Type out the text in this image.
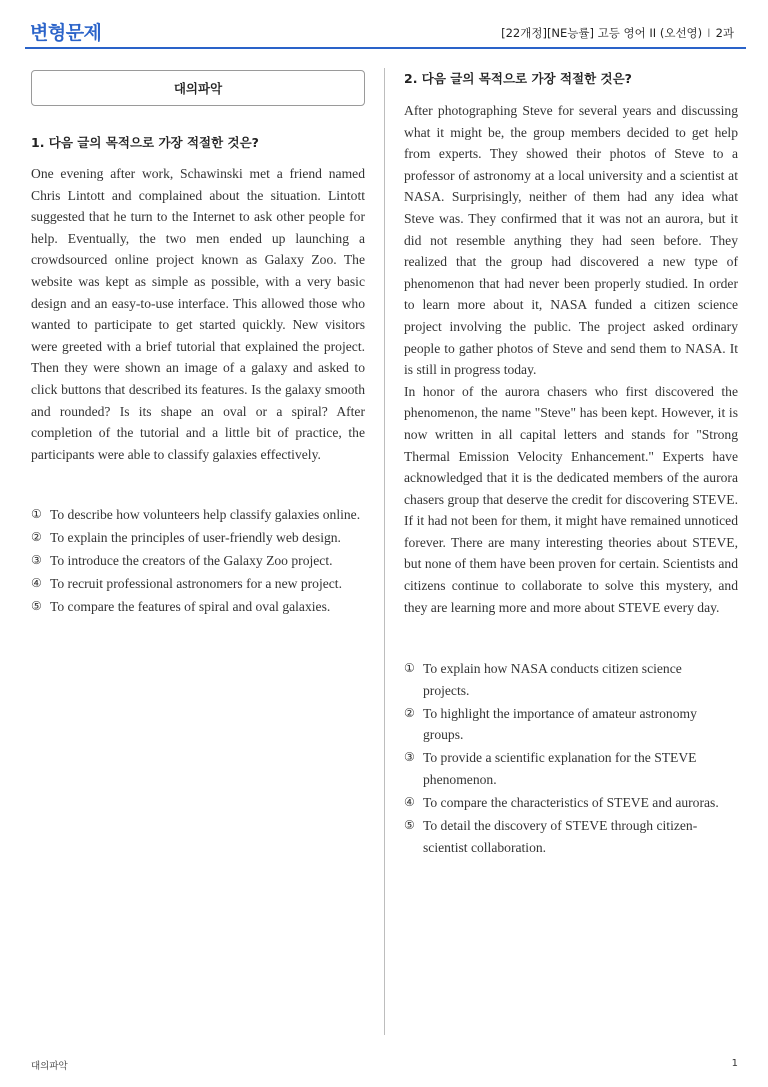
변형문제	[22개정][NE능률] 고등 영어 II (오선영) I 2과
대의파악
1. 다음 글의 목적으로 가장 적절한 것은?

One evening after work, Schawinski met a friend named Chris Lintott and complained about the situation. Lintott suggested that he turn to the Internet to ask other people for help. Eventually, the two men ended up launching a crowdsourced online project known as Galaxy Zoo. The website was kept as simple as possible, with a very basic design and an easy-to-use interface. This allowed those who wanted to participate to get started quickly. New visitors were greeted with a brief tutorial that explained the project. Then they were shown an image of a galaxy and asked to click buttons that described its features. Is the galaxy smooth and rounded? Is its shape an oval or a spiral? After completion of the tutorial and a little bit of practice, the participants were able to classify galaxies effectively.

① To describe how volunteers help classify galaxies online.
② To explain the principles of user-friendly web design.
③ To introduce the creators of the Galaxy Zoo project.
④ To recruit professional astronomers for a new project.
⑤ To compare the features of spiral and oval galaxies.
2. 다음 글의 목적으로 가장 적절한 것은?

After photographing Steve for several years and discussing what it might be, the group members decided to get help from experts. They showed their photos of Steve to a professor of astronomy at a local university and a scientist at NASA. Surprisingly, neither of them had any idea what Steve was. They confirmed that it was not an aurora, but it did not resemble anything they had seen before. They realized that the group had discovered a new type of phenomenon that had never been properly studied. In order to learn more about it, NASA funded a citizen science project involving the public. The project asked ordinary people to gather photos of Steve and send them to NASA. It is still in progress today.

In honor of the aurora chasers who first discovered the phenomenon, the name "Steve" has been kept. However, it is now written in all capital letters and stands for "Strong Thermal Emission Velocity Enhancement." Experts have acknowledged that it is the dedicated members of the aurora chasers group that deserve the credit for discovering STEVE. If it had not been for them, it might have remained unnoticed forever. There are many interesting theories about STEVE, but none of them have been proven for certain. Scientists and citizens continue to collaborate to solve this mystery, and they are learning more and more about STEVE every day.

① To explain how NASA conducts citizen science projects.
② To highlight the importance of amateur astronomy groups.
③ To provide a scientific explanation for the STEVE phenomenon.
④ To compare the characteristics of STEVE and auroras.
⑤ To detail the discovery of STEVE through citizen-scientist collaboration.
대의파악	1
